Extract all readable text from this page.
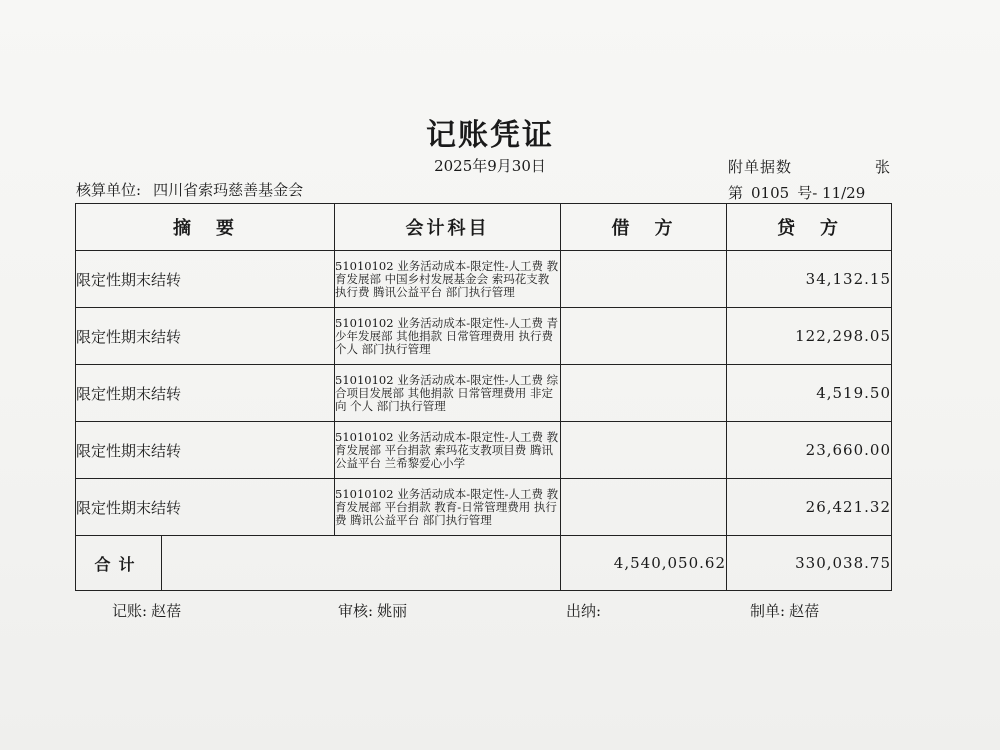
记账凭证
2025年9月30日	附单据数	张
核算单位: 四川省索玛慈善基金会	第 0105 号- 11/29
摘 要		会计科目	借 方	贷 方
限定性期末结转		51010102 业务活动成本-限定性-人工费 教育发展部 中国乡村发展基金会 索玛花支教 执行费 腾讯公益平台 部门执行管理		34,132.15
限定性期末结转		51010102 业务活动成本-限定性-人工费 青少年发展部 其他捐款 日常管理费用 执行费 个人 部门执行管理		122,298.05
限定性期末结转		51010102 业务活动成本-限定性-人工费 综合项目发展部 其他捐款 日常管理费用 非定向 个人 部门执行管理		4,519.50
限定性期末结转		51010102 业务活动成本-限定性-人工费 教育发展部 平台捐款 索玛花支教项目费 腾讯公益平台 兰希黎爱心小学		23,660.00
限定性期末结转		51010102 业务活动成本-限定性-人工费 教育发展部 平台捐款 教育-日常管理费用 执行费 腾讯公益平台 部门执行管理		26,421.32
合计			4,540,050.62	330,038.75
记账: 赵蓓	审核: 姚丽	出纳:	制单: 赵蓓
